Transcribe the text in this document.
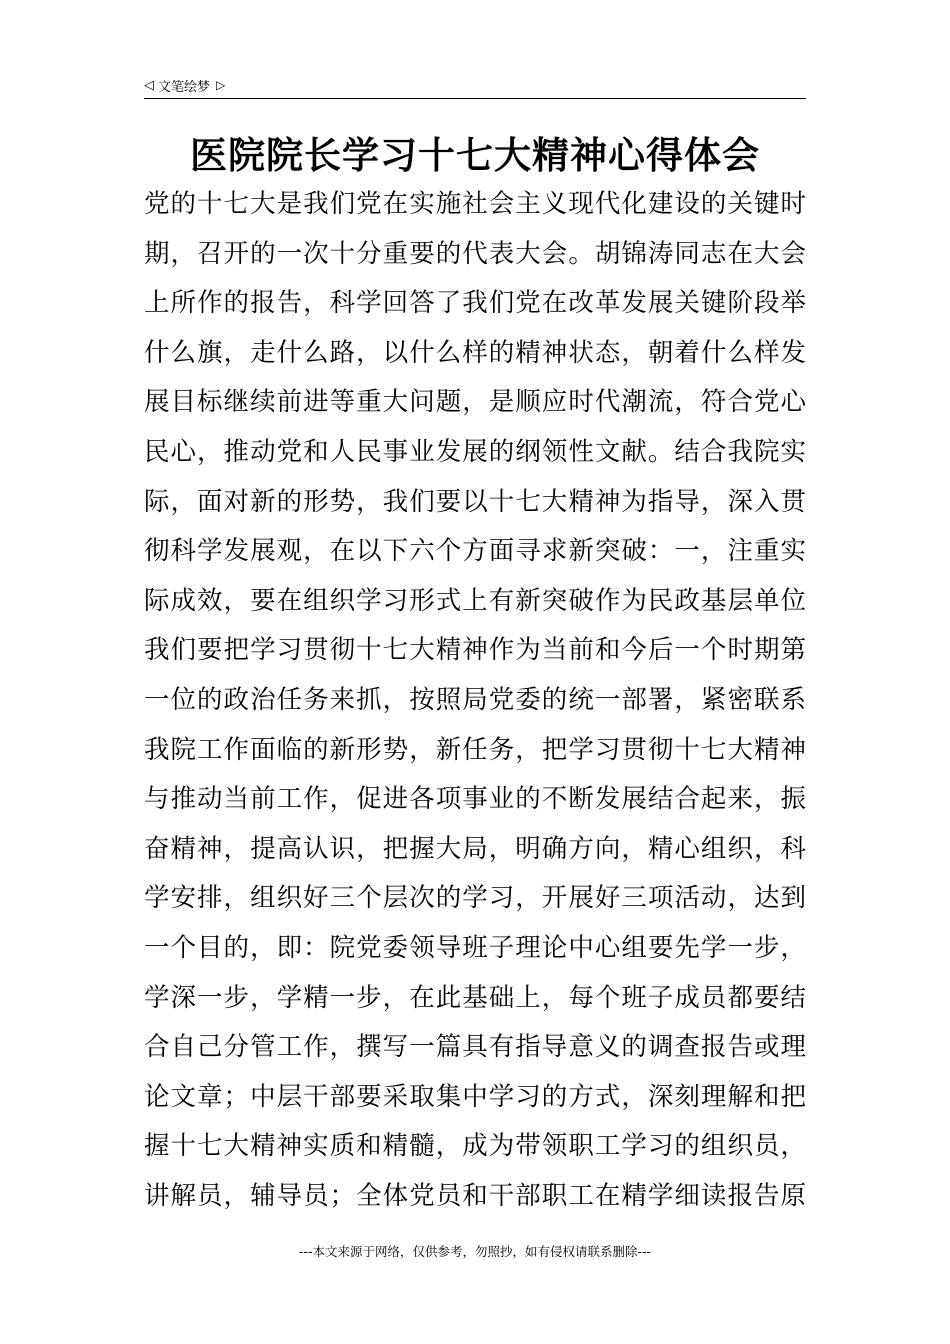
◁ 文笔绘梦 ▷
医院院长学习十七大精神心得体会
党的十七大是我们党在实施社会主义现代化建设的关键时
期，召开的一次十分重要的代表大会。胡锦涛同志在大会
上所作的报告，科学回答了我们党在改革发展关键阶段举
什么旗，走什么路，以什么样的精神状态，朝着什么样发
展目标继续前进等重大问题，是顺应时代潮流，符合党心
民心，推动党和人民事业发展的纲领性文献。结合我院实
际，面对新的形势，我们要以十七大精神为指导，深入贯
彻科学发展观，在以下六个方面寻求新突破：一，注重实
际成效，要在组织学习形式上有新突破作为民政基层单位
我们要把学习贯彻十七大精神作为当前和今后一个时期第
一位的政治任务来抓，按照局党委的统一部署，紧密联系
我院工作面临的新形势，新任务，把学习贯彻十七大精神
与推动当前工作，促进各项事业的不断发展结合起来，振
奋精神，提高认识，把握大局，明确方向，精心组织，科
学安排，组织好三个层次的学习，开展好三项活动，达到
一个目的，即：院党委领导班子理论中心组要先学一步，
学深一步，学精一步，在此基础上，每个班子成员都要结
合自己分管工作，撰写一篇具有指导意义的调查报告或理
论文章；中层干部要采取集中学习的方式，深刻理解和把
握十七大精神实质和精髓，成为带领职工学习的组织员，
讲解员，辅导员；全体党员和干部职工在精学细读报告原
---本文来源于网络，仅供参考，勿照抄，如有侵权请联系删除---
